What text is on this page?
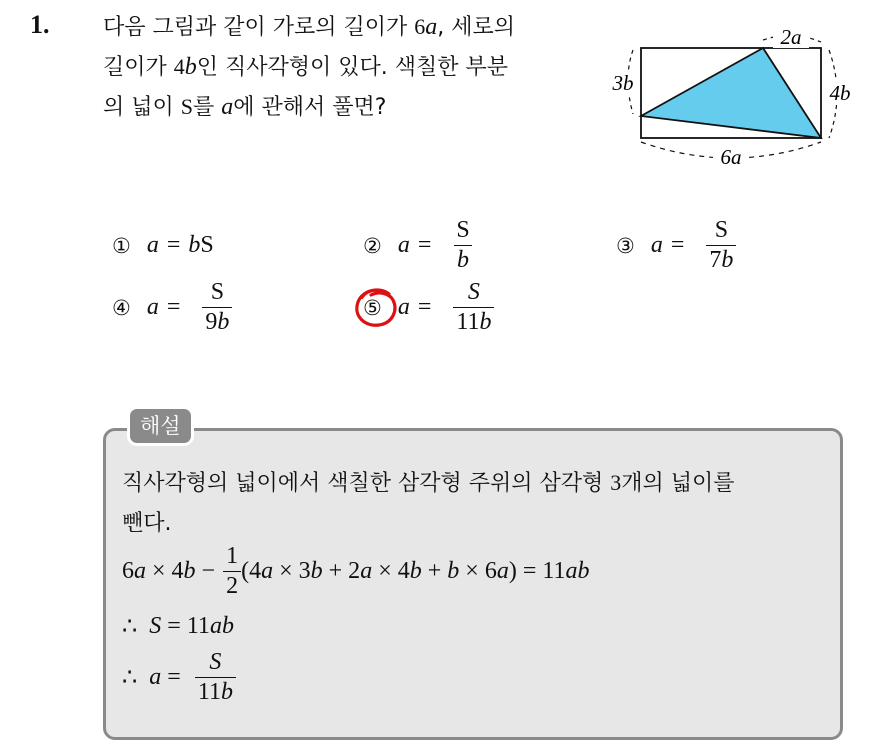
1. 다음 그림과 같이 가로의 길이가 6a, 세로의
길이가 4b인 직사각형이 있다. 색칠한 부분
의 넓이 S를 a에 관해서 풀면?
2a
3b	4b
6a
① a = b S	② $a = \frac{S}{b}$	③ $a = \frac{S}{7b}$
④ $a = \frac{S}{9b}$	⑤ $a = \frac{S}{11b}$
해설
직사각형의 넓이에서 색칠한 삼각형 주위의 삼각형 3개의 넓이를
뺀다.
6 a × 4 $b - \frac{1}{2} (4$ a × 3 b + 2 a × 4 b + b × 6 a ) = 11 ab
∴ S = 11 ab
∴ $a = \frac{S}{11b}$
